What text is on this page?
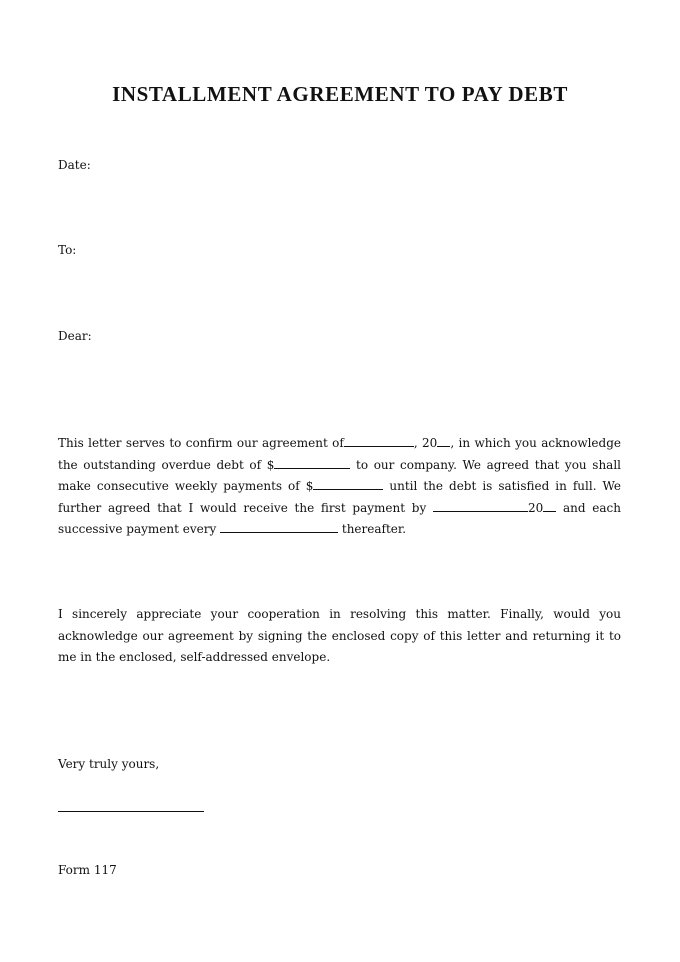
INSTALLMENT AGREEMENT TO PAY DEBT
Date:
To:
Dear:

This letter serves to confirm our agreement of	, 20 , in which you acknowledge the outstanding overdue debt of $	to our company. We agreed that you shall make consecutive weekly payments of $	until the debt is satisfied in full. We further agreed that I would receive the first payment by	20 and each successive payment every	thereafter.

I sincerely appreciate your cooperation in resolving this matter. Finally, would you acknowledge our agreement by signing the enclosed copy of this letter and returning it to me in the enclosed, self-addressed envelope.

Very truly yours,
Form 117
